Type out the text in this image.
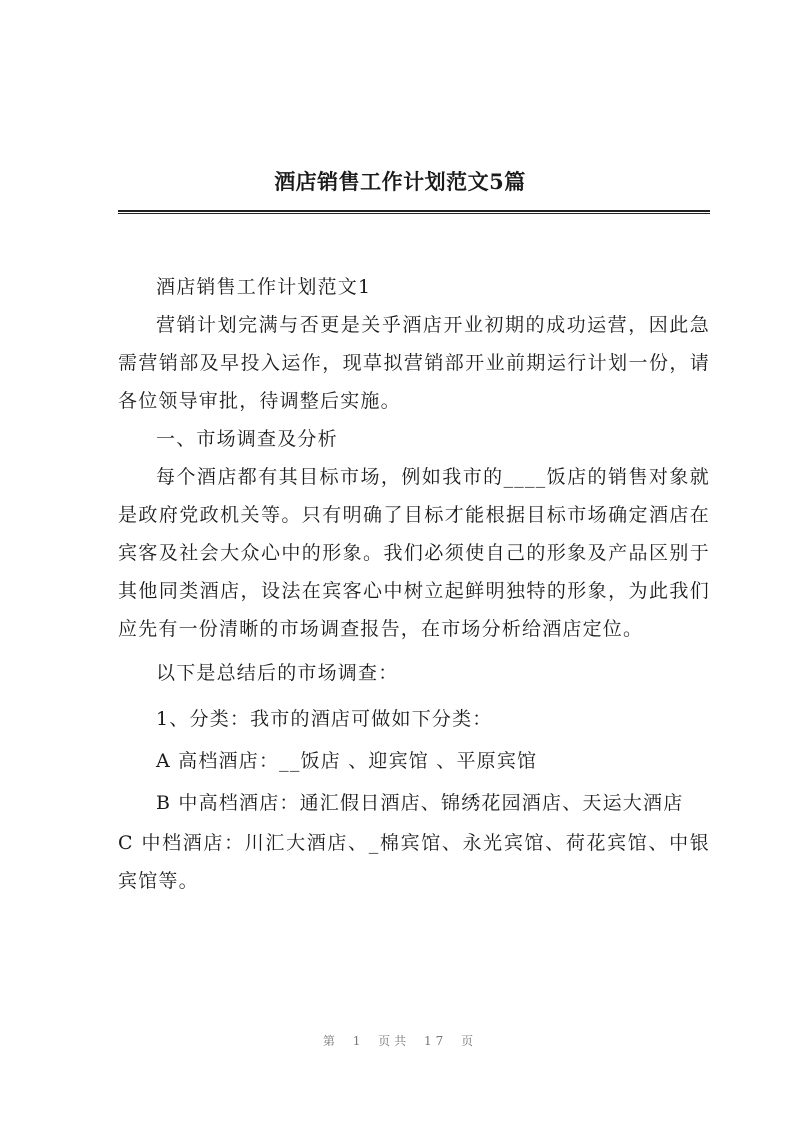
酒店销售工作计划范文5篇

酒店销售工作计划范文1

营销计划完满与否更是关乎酒店开业初期的成功运营，因此急需营销部及早投入运作，现草拟营销部开业前期运行计划一份，请各位领导审批，待调整后实施。

一、市场调查及分析

每个酒店都有其目标市场，例如我市的____饭店的销售对象就是政府党政机关等。只有明确了目标才能根据目标市场确定酒店在宾客及社会大众心中的形象。我们必须使自己的形象及产品区别于其他同类酒店，设法在宾客心中树立起鲜明独特的形象，为此我们应先有一份清晰的市场调查报告，在市场分析给酒店定位。

以下是总结后的市场调查：

1、分类：我市的酒店可做如下分类：

A 高档酒店：__饭店 、迎宾馆 、平原宾馆

B 中高档酒店：通汇假日酒店、锦绣花园酒店、天运大酒店

C 中档酒店：川汇大酒店、_棉宾馆、永光宾馆、荷花宾馆、中银宾馆等。

第 1 页共 17 页
